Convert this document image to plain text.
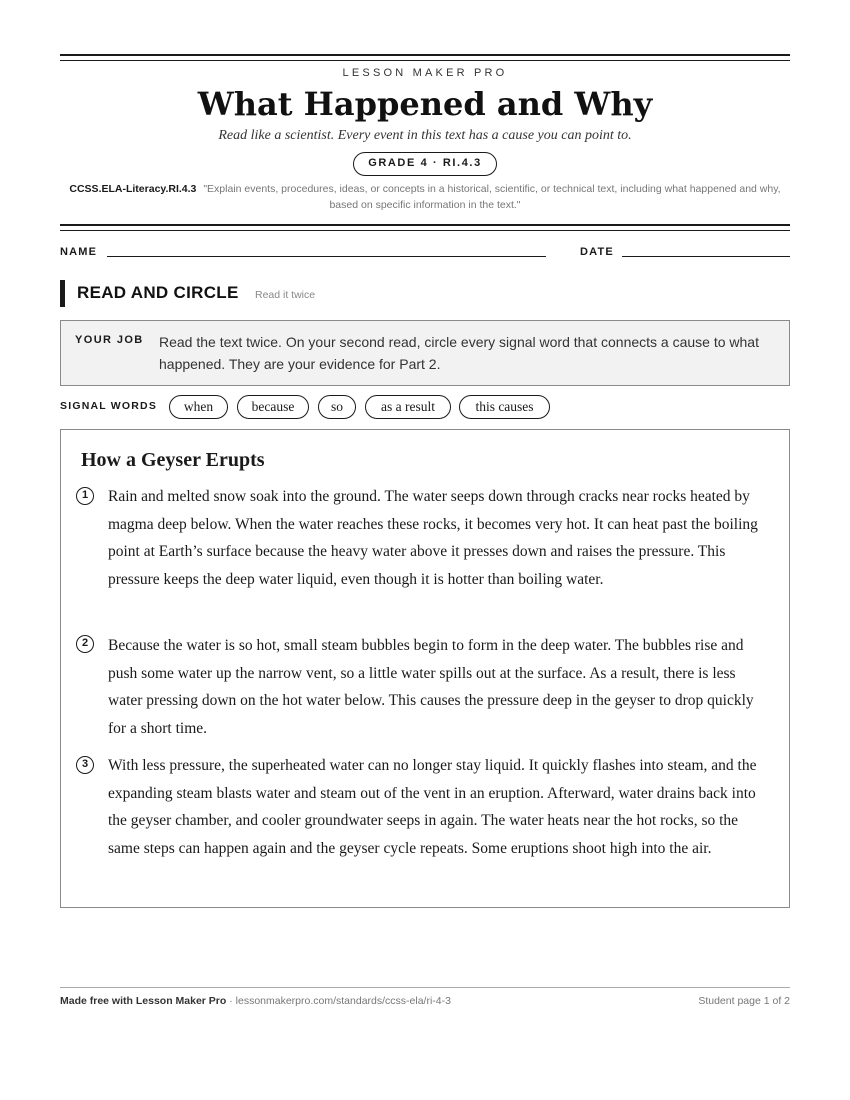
LESSON MAKER PRO
What Happened and Why
Read like a scientist. Every event in this text has a cause you can point to.
GRADE 4 · RI.4.3
CCSS.ELA-Literacy.RI.4.3 "Explain events, procedures, ideas, or concepts in a historical, scientific, or technical text, including what happened and why, based on specific information in the text."
NAME	DATE
READ AND CIRCLE Read it twice
YOUR JOB Read the text twice. On your second read, circle every signal word that connects a cause to what happened. They are your evidence for Part 2.
SIGNAL WORDS	when	because	so	as a result	this causes
How a Geyser Erupts
1	Rain and melted snow soak into the ground. The water seeps down through cracks near rocks heated by magma deep below. When the water reaches these rocks, it becomes very hot. It can heat past the boiling point at Earth’s surface because the heavy water above it presses down and raises the pressure. This pressure keeps the deep water liquid, even though it is hotter than boiling water.

2	Because the water is so hot, small steam bubbles begin to form in the deep water. The bubbles rise and push some water up the narrow vent, so a little water spills out at the surface. As a result, there is less water pressing down on the hot water below. This causes the pressure deep in the geyser to drop quickly for a short time.

3	With less pressure, the superheated water can no longer stay liquid. It quickly flashes into steam, and the expanding steam blasts water and steam out of the vent in an eruption. Afterward, water drains back into the geyser chamber, and cooler groundwater seeps in again. The water heats near the hot rocks, so the same steps can happen again and the geyser cycle repeats. Some eruptions shoot high into the air.

Made free with Lesson Maker Pro · lessonmakerpro.com/standards/ccss-ela/ri-4-3	Student page 1 of 2
